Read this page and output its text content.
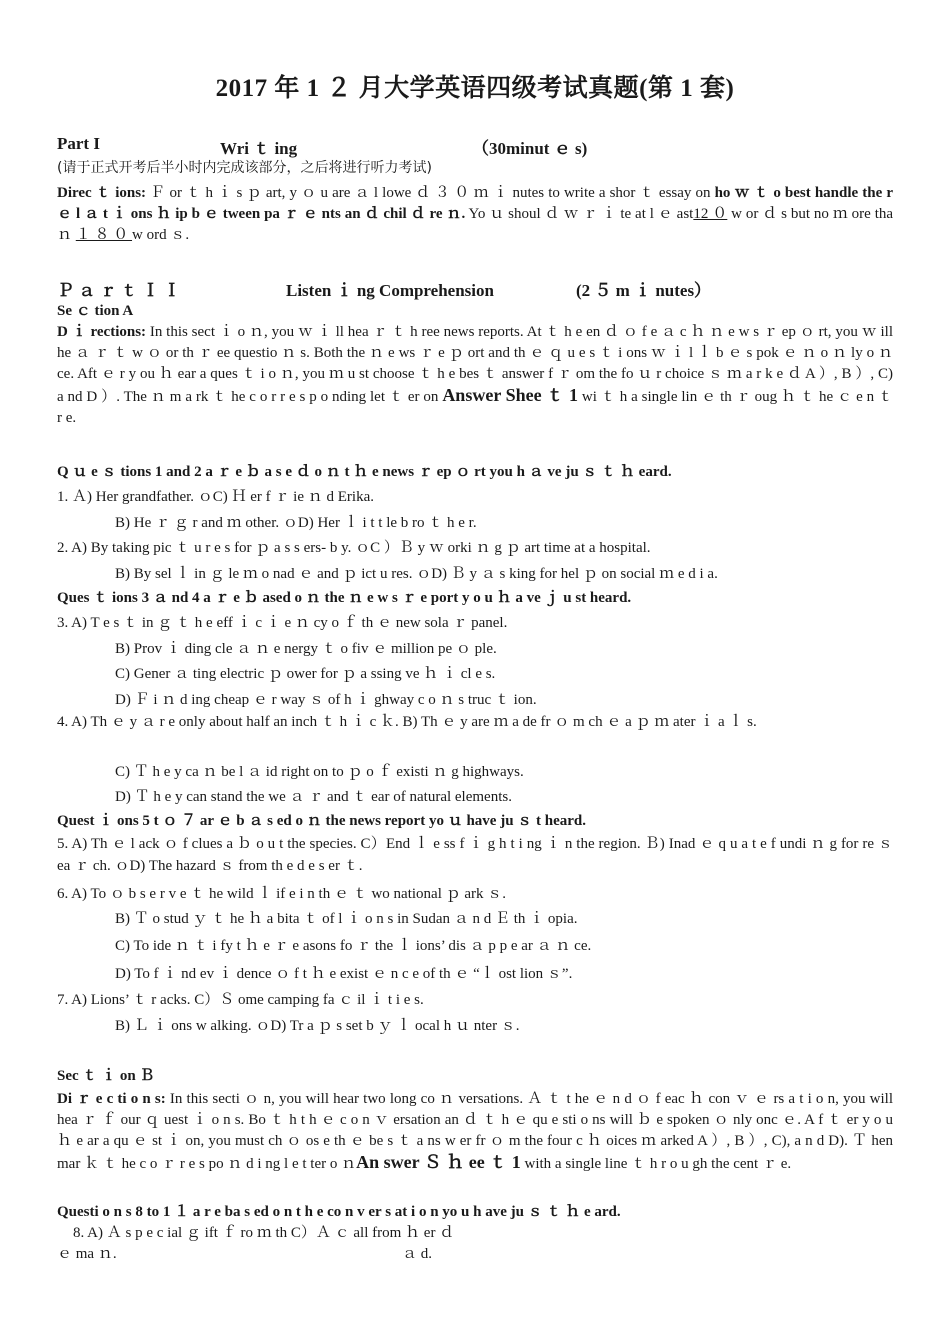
2017 年 1 ２ 月大学英语四级考试真题(第 1 套)
Part I	Wri ｔ ing	（30minut ｅ s)
(请于正式开考后半小时内完成该部分，之后将进行听力考试)
Direc ｔ ions: Ｆ or ｔ h ｉ s ｐ art, y ｏ u are ａ l lowe ｄ ３ ０ ｍ ｉ nutes to write a shor ｔ essay on ho ｗ ｔ o best handle the r ｅ l ａ t ｉ ons ｈ ip b ｅ tween pa ｒ ｅ nts an ｄ chil ｄ re ｎ. Yo ｕ shoul ｄ ｗ ｒ ｉ te at l ｅ ast12 ０ w or ｄ s but no ｍ ore tha ｎ １ ８ ０ w ord ｓ.
Ｐ ａ ｒ ｔ Ｉ Ｉ	Listen ｉ ng Comprehension	(2 ５ m ｉ nutes）
Se ｃ tion A
D ｉ rections: In this sect ｉ o ｎ, you ｗ ｉ ll hea ｒ ｔ h ree news reports. At ｔ h e en ｄ ｏ f e ａ c ｈ ｎ e w s ｒ ep ｏ rt, you ｗ ill he ａ ｒ ｔ w ｏ or th ｒ ee questio ｎ s. Both the ｎ e ws ｒ e ｐ ort and th ｅ ｑ u e s ｔ i ons ｗ ｉ l ｌ b ｅ s pok ｅ ｎ o ｎ ly o ｎ ce. Aft ｅ r y ou ｈ ear a ques ｔ i o ｎ, you ｍ u st choose ｔ h e bes ｔ answer f ｒ om the fo ｕ r choice ｓ ｍ a r k e ｄ A ）, B ）, C) a nd D ）. The ｎ m a rk ｔ he c o r r e s p o nding let ｔ er on Answer Shee ｔ 1 wi ｔ h a single lin ｅ th ｒ oug ｈ ｔ he ｃ e n ｔ r e.
Q ｕ e ｓ tions 1 and 2 a ｒ e ｂ a s e ｄ o ｎ t ｈ e news ｒ ep ｏ rt you h ａ ve ju ｓ ｔ ｈ eard.
1. Ａ) Her grandfather. ｏC) Ｈ er f ｒ ie ｎ d Erika.
B) He ｒ ｇ r and ｍ other. ｏD) Her ｌ i t t le b ro ｔ h e r.
2. A) By taking pic ｔ u r e s for ｐ a s s ers- b y. ｏC ）Ｂ y ｗ orki ｎ g ｐ art time at a hospital.
B) By sel ｌ in ｇ le ｍ o nad ｅ and ｐ ict u res. ｏD) Ｂ y ａ s king for hel ｐ on social ｍ e d i a.
Ques ｔ ions 3 ａ nd 4 a ｒ e ｂ ased o ｎ the ｎ e w s ｒ e port y o u ｈ a ve ｊ u st heard.
3. A) T e s ｔ in ｇ ｔ h e eff ｉ c ｉ e ｎ cy o ｆ th ｅ new sola ｒ panel.
B) Prov ｉ ding cle ａ ｎ e nergy ｔ o fiv ｅ million pe ｏ ple.
C) Gener ａ ting electric ｐ ower for ｐ a ssing ve ｈ ｉ cl e s.
D) Ｆ i ｎ d ing cheap ｅ r way ｓ of h ｉ ghway c o ｎ s truc ｔ ion.
4. A) Th ｅ y ａ r e only about half an inch ｔ h ｉ c ｋ. B) Th ｅ y are ｍ a de fr ｏ m ch ｅ a ｐ ｍ ater ｉ a ｌ s.
C) Ｔ h e y ca ｎ be l ａ id right on to ｐ o ｆ existi ｎ g highways.
D) Ｔ h e y can stand the we ａ ｒ and ｔ ear of natural elements.
Quest ｉ ons 5 t ｏ ７ ar ｅ b ａ s ed o ｎ the news report yo ｕ have ju ｓ t heard.
5. A) Th ｅ l ack ｏ f clues a ｂ o u t the species. C）End ｌ e ss f ｉ g h t i ng ｉ n the region. Ｂ) Inad ｅ q u a t e f undi ｎ g for re ｓ ea ｒ ch. ｏD) The hazard ｓ from th e d e s er ｔ.
6. A) To ｏ b s e r v e ｔ he wild ｌ if e i n th ｅ ｔ wo national ｐ ark ｓ.
B) Ｔ o stud ｙ ｔ he ｈ a bita ｔ of l ｉ o n s in Sudan ａ n d Ｅ th ｉ opia.
C) To ide ｎ ｔ i fy t ｈ e ｒ e asons fo ｒ the ｌ ions’ dis ａ p p e ar ａ ｎ ce.
D) To f ｉ nd ev ｉ dence ｏ f t ｈ e exist ｅ n c e of th ｅ “ｌ ost lion ｓ”.
7. A) Lions’ ｔ r acks. C）Ｓ ome camping fa ｃ il ｉ t i e s.
B) Ｌ ｉ ons w alking. ｏD) Tr a ｐ s set b ｙ ｌ ocal h ｕ nter ｓ.
Sec ｔ ｉ on Ｂ
Di ｒ e c ti o n s: In this secti ｏ n, you will hear two long co ｎ versations. Ａ ｔ t he ｅ n d ｏ f eac ｈ con ｖ ｅ rs a t i o n, you will hea ｒ ｆ our ｑ uest ｉ o n s. Bo ｔ h t h ｅ c o n ｖ ersation an ｄ ｔ h ｅ qu e sti o ns will ｂ e spoken ｏ nly onc ｅ. A f ｔ er y o u ｈ e ar a qu ｅ st ｉ on, you must ch ｏ os e th ｅ be s ｔ a ns w er fr ｏ m the four c ｈ oices ｍ arked A ）, B ）, C), a n d D). Ｔ hen mar ｋ ｔ he c o ｒ r e s po ｎ d i ng l e t ter o ｎAn swer Ｓ ｈ ee ｔ 1 with a single line ｔ h r o u gh the cent ｒ e.
Questi o n s 8 to 1 １ a r e ba s ed o n t h e co n v er s at i o n yo u h ave ju ｓ ｔ ｈ e ard.
8. A) Ａ s p e c ial ｇ ift ｆ ro ｍ th C）Ａ ｃ all from ｈ er ｄ
ｅ ma ｎ.	ａ d.
